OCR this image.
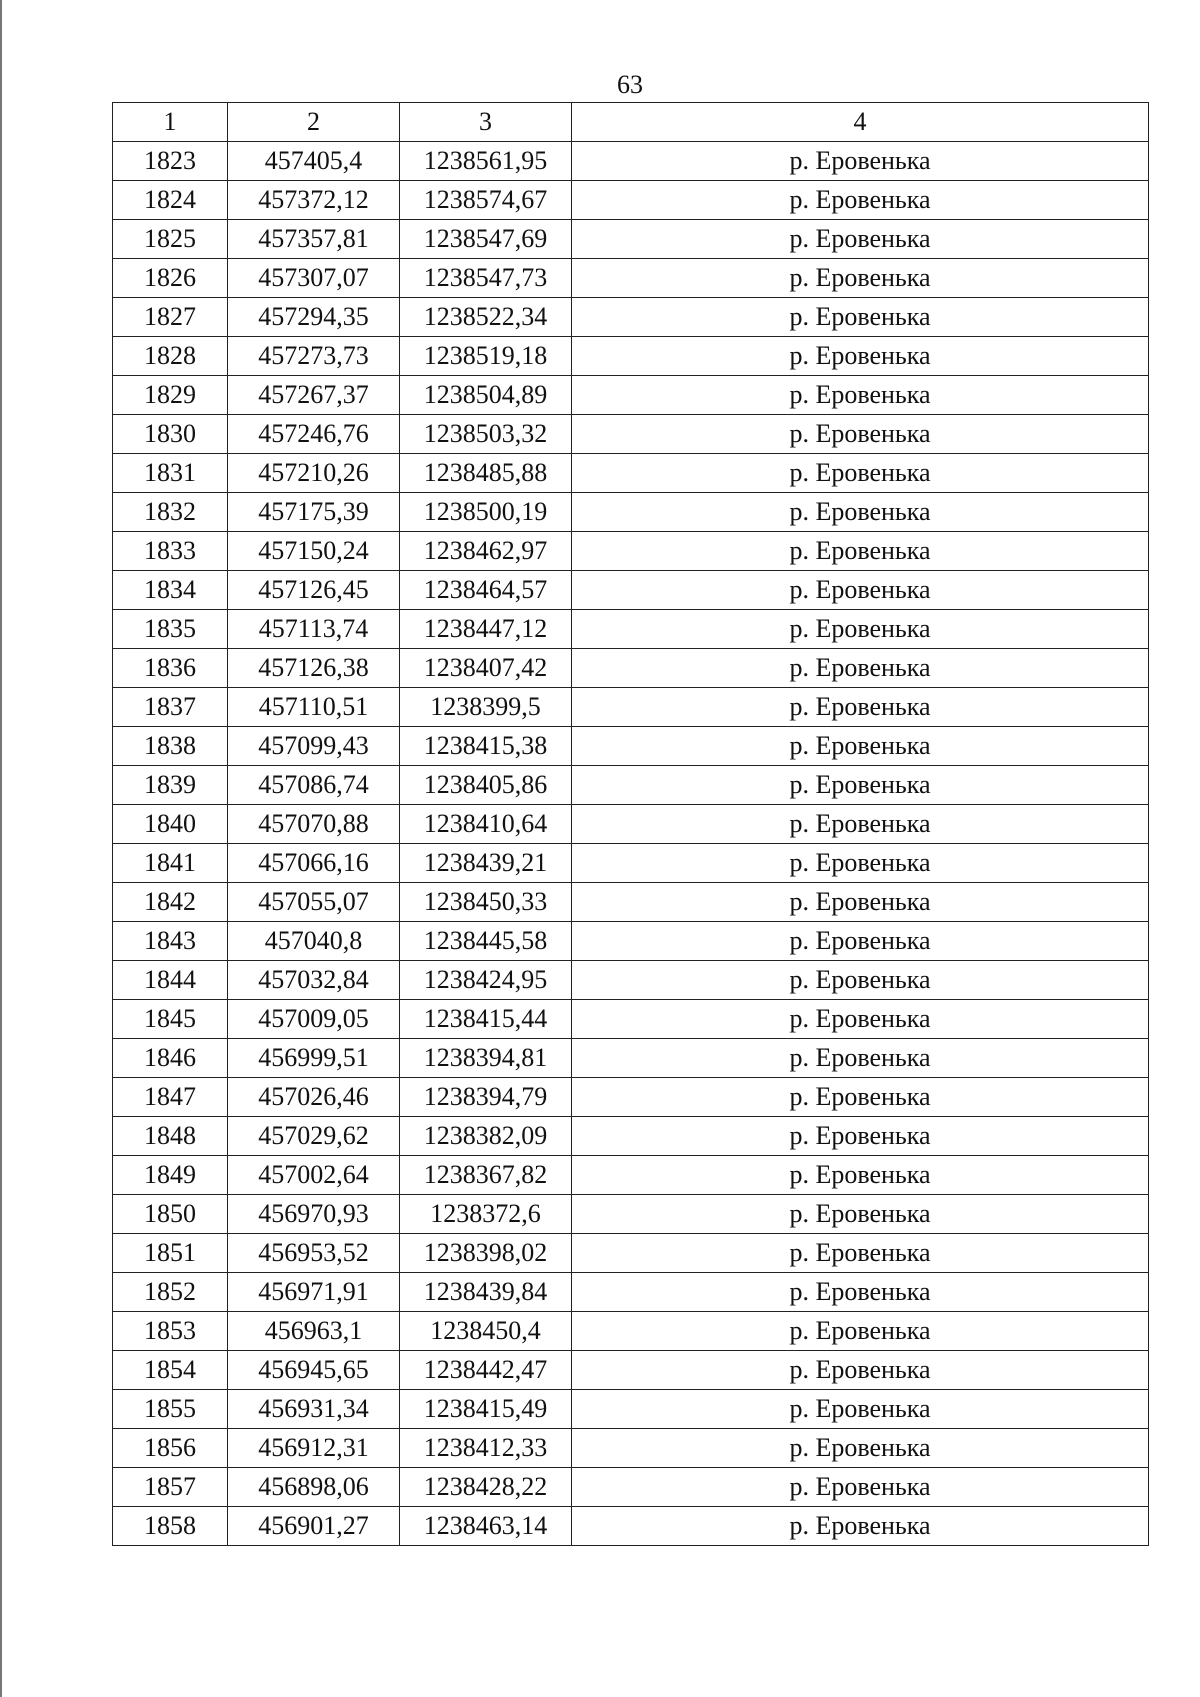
63
1	2	3	4
1823	457405,4	1238561,95	р. Еровенька
1824	457372,12	1238574,67	р. Еровенька
1825	457357,81	1238547,69	р. Еровенька
1826	457307,07	1238547,73	р. Еровенька
1827	457294,35	1238522,34	р. Еровенька
1828	457273,73	1238519,18	р. Еровенька
1829	457267,37	1238504,89	р. Еровенька
1830	457246,76	1238503,32	р. Еровенька
1831	457210,26	1238485,88	р. Еровенька
1832	457175,39	1238500,19	р. Еровенька
1833	457150,24	1238462,97	р. Еровенька
1834	457126,45	1238464,57	р. Еровенька
1835	457113,74	1238447,12	р. Еровенька
1836	457126,38	1238407,42	р. Еровенька
1837	457110,51	1238399,5	р. Еровенька
1838	457099,43	1238415,38	р. Еровенька
1839	457086,74	1238405,86	р. Еровенька
1840	457070,88	1238410,64	р. Еровенька
1841	457066,16	1238439,21	р. Еровенька
1842	457055,07	1238450,33	р. Еровенька
1843	457040,8	1238445,58	р. Еровенька
1844	457032,84	1238424,95	р. Еровенька
1845	457009,05	1238415,44	р. Еровенька
1846	456999,51	1238394,81	р. Еровенька
1847	457026,46	1238394,79	р. Еровенька
1848	457029,62	1238382,09	р. Еровенька
1849	457002,64	1238367,82	р. Еровенька
1850	456970,93	1238372,6	р. Еровенька
1851	456953,52	1238398,02	р. Еровенька
1852	456971,91	1238439,84	р. Еровенька
1853	456963,1	1238450,4	р. Еровенька
1854	456945,65	1238442,47	р. Еровенька
1855	456931,34	1238415,49	р. Еровенька
1856	456912,31	1238412,33	р. Еровенька
1857	456898,06	1238428,22	р. Еровенька
1858	456901,27	1238463,14	р. Еровенька
